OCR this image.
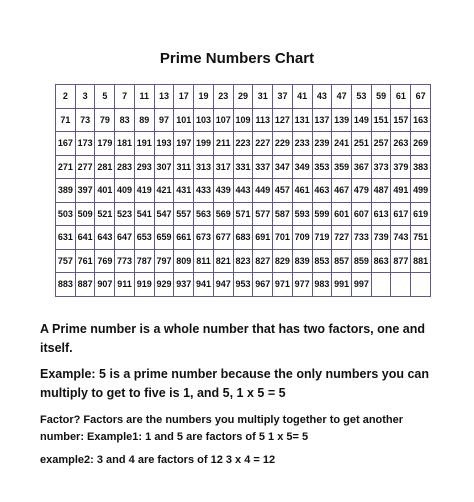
Prime Numbers Chart
2	3	5	7	11	13	17	19	23	29	31	37	41	43	47	53	59	61	67
71	73	79	83	89	97	101	103	107	109	113	127	131	137	139	149	151	157	163
167	173	179	181	191	193	197	199	211	223	227	229	233	239	241	251	257	263	269
271	277	281	283	293	307	311	313	317	331	337	347	349	353	359	367	373	379	383
389	397	401	409	419	421	431	433	439	443	449	457	461	463	467	479	487	491	499
503	509	521	523	541	547	557	563	569	571	577	587	593	599	601	607	613	617	619
631	641	643	647	653	659	661	673	677	683	691	701	709	719	727	733	739	743	751
757	761	769	773	787	797	809	811	821	823	827	829	839	853	857	859	863	877	881
883	887	907	911	919	929	937	941	947	953	967	971	977	983	991	997			

A Prime number is a whole number that has two factors, one and itself.

Example: 5 is a prime number because the only numbers you can multiply to get to five is 1, and 5, 1 x 5 = 5

Factor? Factors are the numbers you multiply together to get another
number: Example1: 1 and 5 are factors of 5 1 x 5= 5

example2: 3 and 4 are factors of 12 3 x 4 = 12
